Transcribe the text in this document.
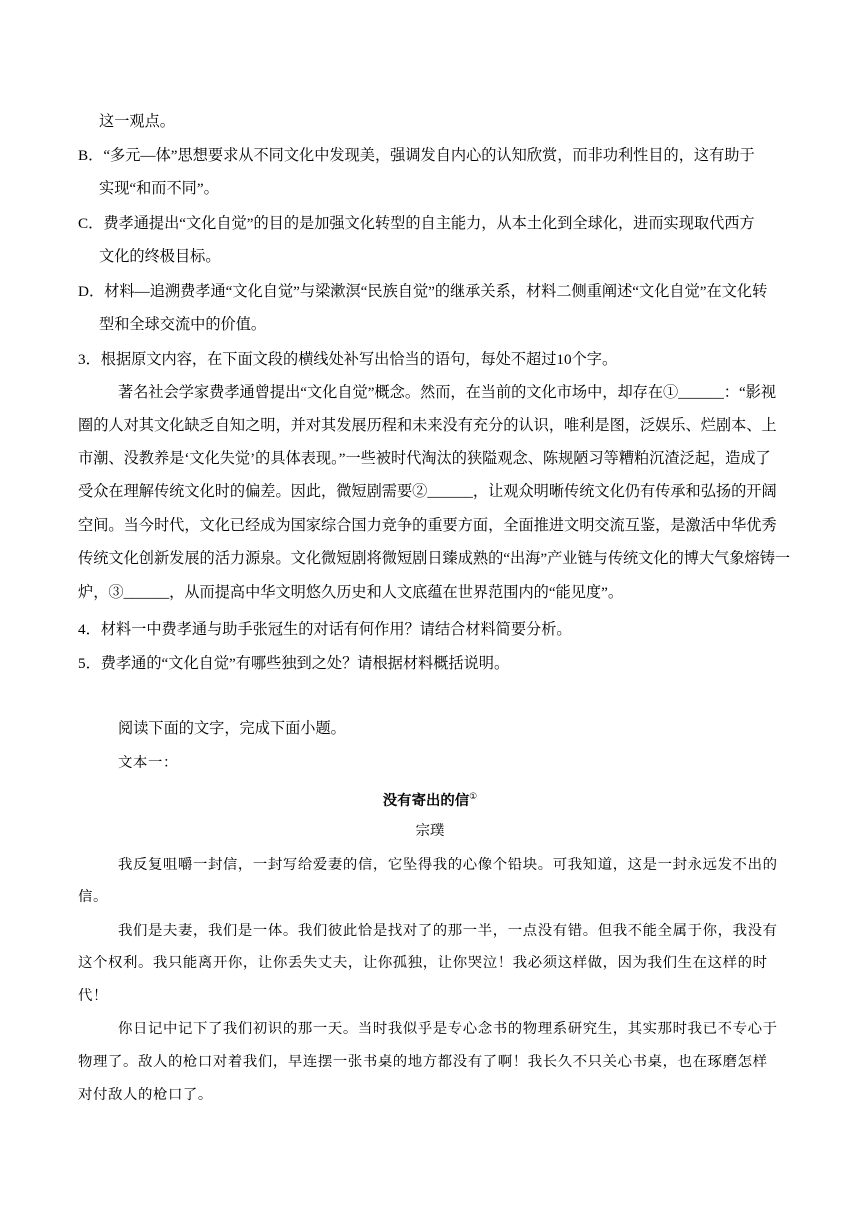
这一观点。
B．“多元—体”思想要求从不同文化中发现美，强调发自内心的认知欣赏，而非功利性目的，这有助于
实现“和而不同”。
C．费孝通提出“文化自觉”的目的是加强文化转型的自主能力，从本土化到全球化，进而实现取代西方
文化的终极目标。
D．材料—追溯费孝通“文化自觉”与梁漱溟“民族自觉”的继承关系，材料二侧重阐述“文化自觉”在文化转
型和全球交流中的价值。
3．根据原文内容，在下面文段的横线处补写出恰当的语句，每处不超过10个字。
著名社会学家费孝通曾提出“文化自觉”概念。然而，在当前的文化市场中，却存在①______：“影视
圈的人对其文化缺乏自知之明，并对其发展历程和未来没有充分的认识，唯利是图，泛娱乐、烂剧本、上
市潮、没教养是‘文化失觉’的具体表现。”一些被时代淘汰的狭隘观念、陈规陋习等糟粕沉渣泛起，造成了
受众在理解传统文化时的偏差。因此，微短剧需要②______，让观众明晰传统文化仍有传承和弘扬的开阔
空间。当今时代，文化已经成为国家综合国力竞争的重要方面，全面推进文明交流互鉴，是激活中华优秀
传统文化创新发展的活力源泉。文化微短剧将微短剧日臻成熟的“出海”产业链与传统文化的博大气象熔铸一
炉，③______，从而提高中华文明悠久历史和人文底蕴在世界范围内的“能见度”。
4．材料一中费孝通与助手张冠生的对话有何作用？请结合材料简要分析。
5．费孝通的“文化自觉”有哪些独到之处？请根据材料概括说明。
阅读下面的文字，完成下面小题。
文本一：
没有寄出的信①
宗璞
我反复咀嚼一封信，一封写给爱妻的信，它坠得我的心像个铅块。可我知道，这是一封永远发不出的
信。
我们是夫妻，我们是一体。我们彼此恰是找对了的那一半，一点没有错。但我不能全属于你，我没有
这个权利。我只能离开你，让你丢失丈夫，让你孤独，让你哭泣！我必须这样做，因为我们生在这样的时
代！
你日记中记下了我们初识的那一天。当时我似乎是专心念书的物理系研究生，其实那时我已不专心于
物理了。敌人的枪口对着我们，早连摆一张书桌的地方都没有了啊！我长久不只关心书桌，也在琢磨怎样
对付敌人的枪口了。
